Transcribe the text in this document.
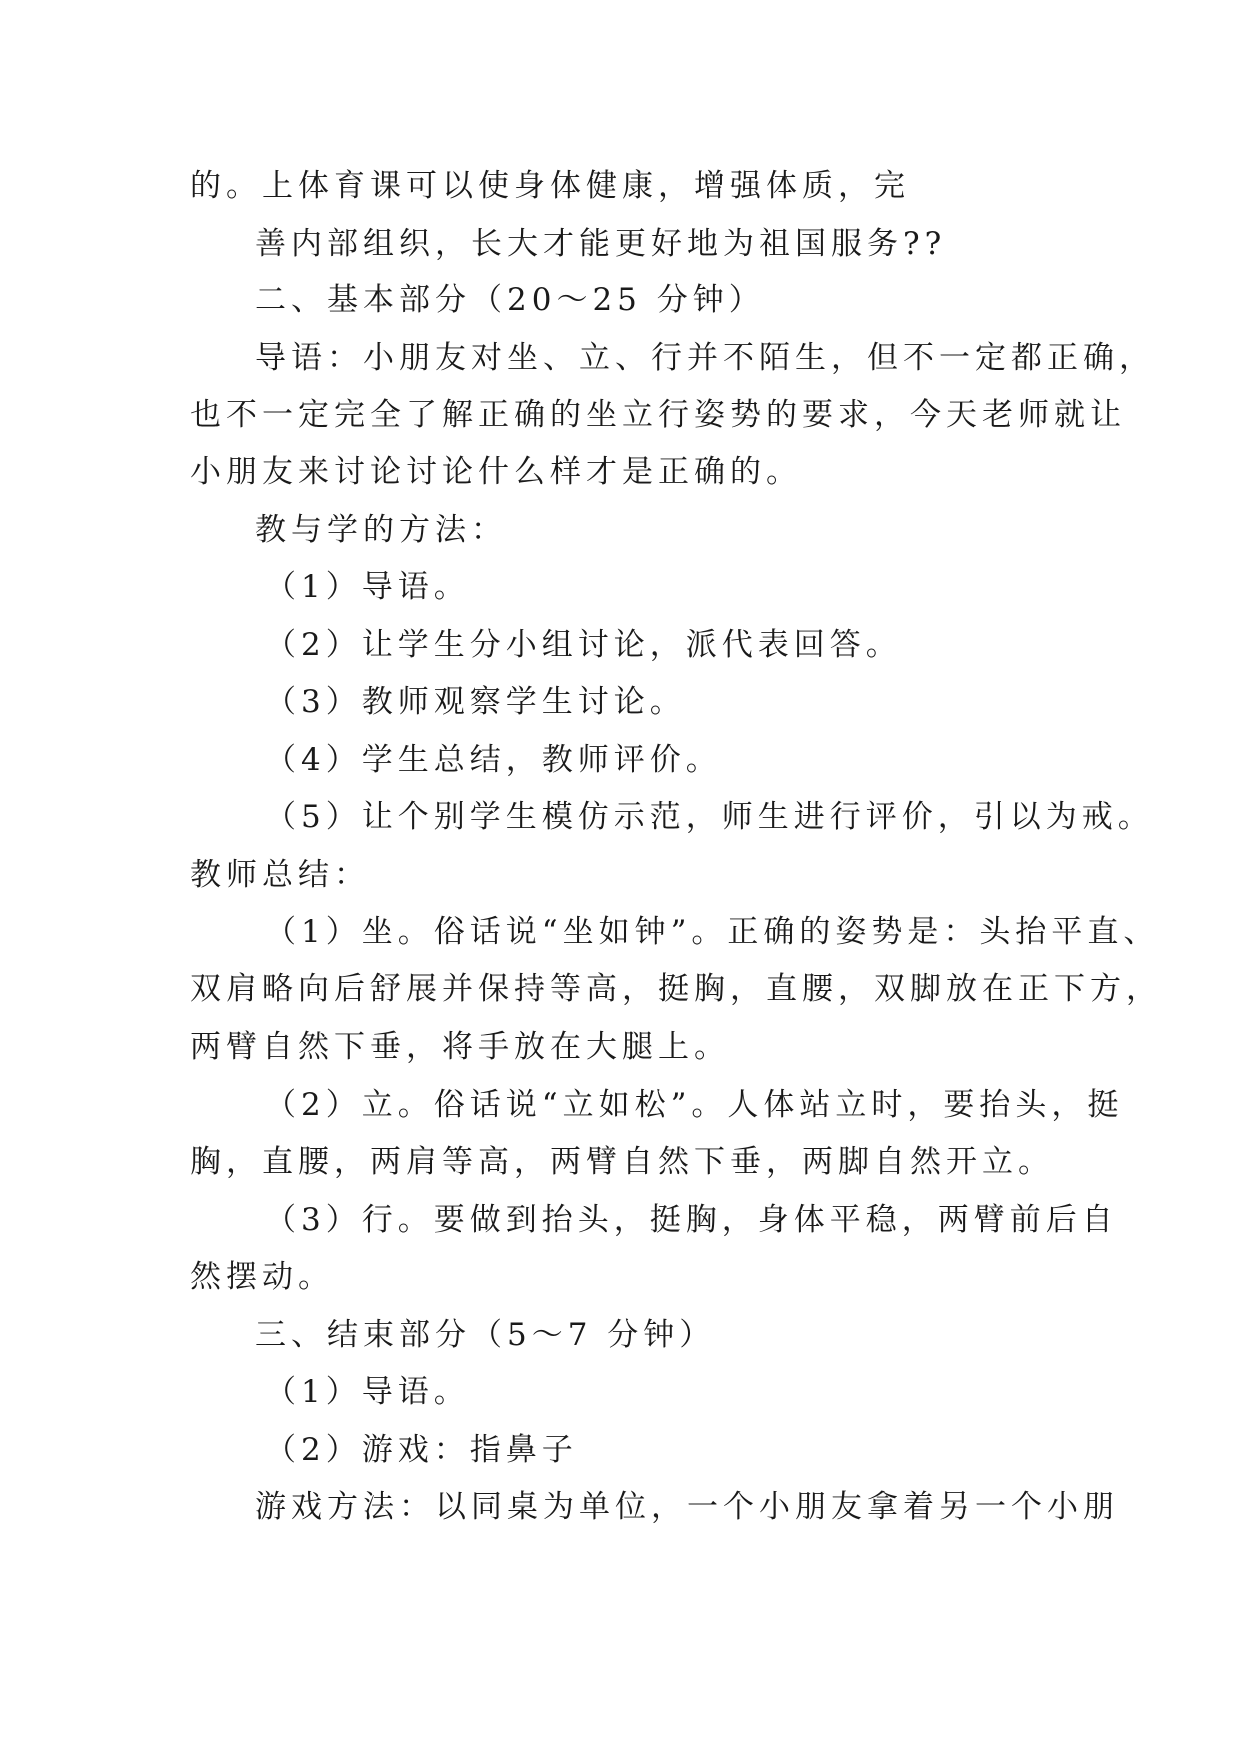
的。上体育课可以使身体健康，增强体质，完
善内部组织，长大才能更好地为祖国服务??
二、基本部分（20～25 分钟）
导语：小朋友对坐、立、行并不陌生，但不一定都正确，
也不一定完全了解正确的坐立行姿势的要求，今天老师就让
小朋友来讨论讨论什么样才是正确的。
教与学的方法：
（1）导语。
（2）让学生分小组讨论，派代表回答。
（3）教师观察学生讨论。
（4）学生总结，教师评价。
（5）让个别学生模仿示范，师生进行评价，引以为戒。
教师总结：
（1）坐。俗话说“坐如钟”。正确的姿势是：头抬平直、
双肩略向后舒展并保持等高，挺胸，直腰，双脚放在正下方，
两臂自然下垂，将手放在大腿上。
（2）立。俗话说“立如松”。人体站立时，要抬头，挺
胸，直腰，两肩等高，两臂自然下垂，两脚自然开立。
（3）行。要做到抬头，挺胸，身体平稳，两臂前后自
然摆动。
三、结束部分（5～7 分钟）
（1）导语。
（2）游戏：指鼻子
游戏方法：以同桌为单位，一个小朋友拿着另一个小朋
